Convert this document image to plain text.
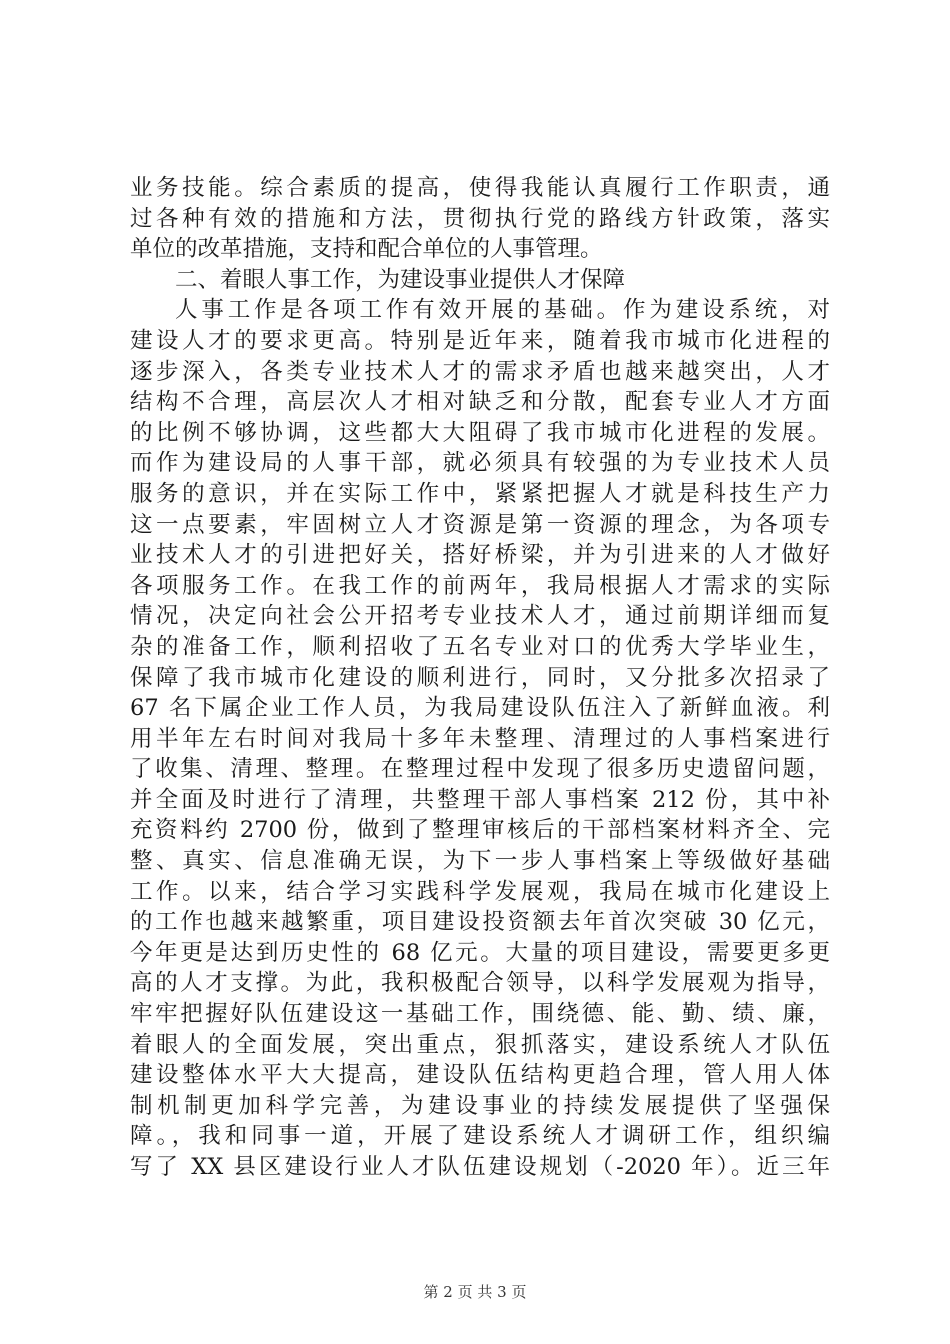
业务技能。综合素质的提高，使得我能认真履行工作职责，通
过各种有效的措施和方法，贯彻执行党的路线方针政策，落实
单位的改革措施，支持和配合单位的人事管理。
二、着眼人事工作，为建设事业提供人才保障
人事工作是各项工作有效开展的基础。作为建设系统，对
建设人才的要求更高。特别是近年来，随着我市城市化进程的
逐步深入，各类专业技术人才的需求矛盾也越来越突出，人才
结构不合理，高层次人才相对缺乏和分散，配套专业人才方面
的比例不够协调，这些都大大阻碍了我市城市化进程的发展。
而作为建设局的人事干部，就必须具有较强的为专业技术人员
服务的意识，并在实际工作中，紧紧把握人才就是科技生产力
这一点要素，牢固树立人才资源是第一资源的理念，为各项专
业技术人才的引进把好关，搭好桥梁，并为引进来的人才做好
各项服务工作。在我工作的前两年，我局根据人才需求的实际
情况，决定向社会公开招考专业技术人才，通过前期详细而复
杂的准备工作，顺利招收了五名专业对口的优秀大学毕业生，
保障了我市城市化建设的顺利进行，同时，又分批多次招录了
67 名下属企业工作人员，为我局建设队伍注入了新鲜血液。利
用半年左右时间对我局十多年未整理、清理过的人事档案进行
了收集、清理、整理。在整理过程中发现了很多历史遗留问题，
并全面及时进行了清理，共整理干部人事档案 212 份，其中补
充资料约 2700 份，做到了整理审核后的干部档案材料齐全、完
整、真实、信息准确无误，为下一步人事档案上等级做好基础
工作。以来，结合学习实践科学发展观，我局在城市化建设上
的工作也越来越繁重，项目建设投资额去年首次突破 30 亿元，
今年更是达到历史性的 68 亿元。大量的项目建设，需要更多更
高的人才支撑。为此，我积极配合领导，以科学发展观为指导，
牢牢把握好队伍建设这一基础工作，围绕德、能、勤、绩、廉，
着眼人的全面发展，突出重点，狠抓落实，建设系统人才队伍
建设整体水平大大提高，建设队伍结构更趋合理，管人用人体
制机制更加科学完善，为建设事业的持续发展提供了坚强保
障。，我和同事一道，开展了建设系统人才调研工作，组织编
写了 XX 县区建设行业人才队伍建设规划（-2020 年）。近三年
第 2 页 共 3 页
